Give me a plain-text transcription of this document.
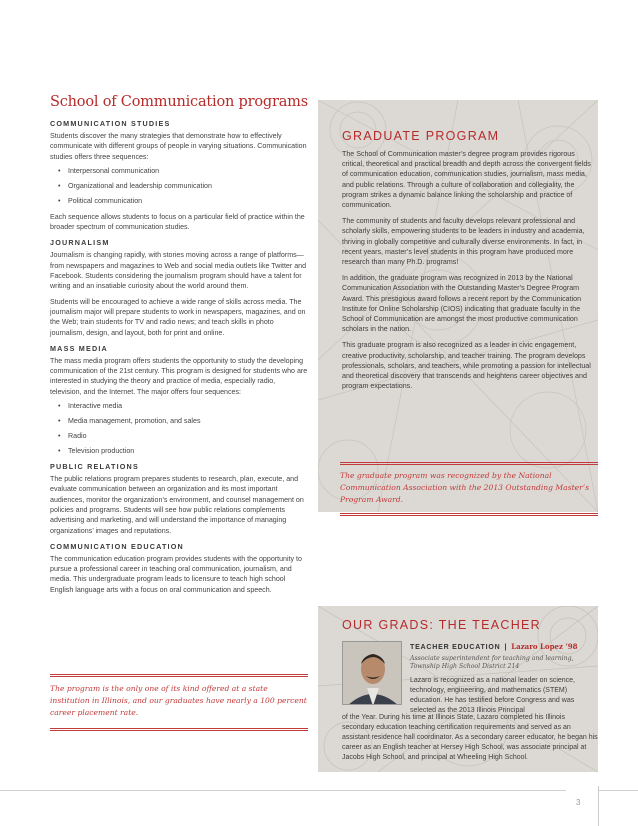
School of Communication programs
COMMUNICATION STUDIES
Students discover the many strategies that demonstrate how to effectively communicate with different groups of people in varying situations. Communication studies offers three sequences:
• Interpersonal communication
• Organizational and leadership communication
• Political communication
Each sequence allows students to focus on a particular field of practice within the broader spectrum of communication studies.
JOURNALISM
Journalism is changing rapidly, with stories moving across a range of platforms—from newspapers and magazines to Web and social media outlets like Twitter and Facebook. Students considering the journalism program should have a talent for writing and an insatiable curiosity about the world around them.
Students will be encouraged to achieve a wide range of skills across media. The journalism major will prepare students to work in newspapers, magazines, and on the Web; train students for TV and radio news; and teach skills in photo journalism, design, and layout, both for print and online.
MASS MEDIA
The mass media program offers students the opportunity to study the developing communication of the 21st century. This program is designed for students who are interested in studying the theory and practice of media, especially radio, television, and the Internet. The major offers four sequences:
• Interactive media
• Media management, promotion, and sales
• Radio
• Television production
PUBLIC RELATIONS
The public relations program prepares students to research, plan, execute, and evaluate communication between an organization and its most important audiences, monitor the organization’s environment, and counsel management on policies and programs. Students will see how public relations complements advertising and marketing, and will understand the importance of managing organizations’ images and reputations.
COMMUNICATION EDUCATION
The communication education program provides students with the opportunity to pursue a professional career in teaching oral communication, journalism, and media. This undergraduate program leads to licensure to teach high school English language arts with a focus on oral communication and speech.
The program is the only one of its kind offered at a state institution in Illinois, and our graduates have nearly a 100 percent career placement rate.
GRADUATE PROGRAM
The School of Communication master’s degree program provides rigorous critical, theoretical and practical breadth and depth across the convergent fields of communication education, communication studies, journalism, mass media, and public relations. Through a culture of collaboration and collegiality, the program strikes a dynamic balance linking the scholarship and practice of communication.
The community of students and faculty develops relevant professional and scholarly skills, empowering students to be leaders in industry and academia, thriving in globally competitive and culturally diverse environments. In fact, in recent years, master’s level students in this program have produced more research than many Ph.D. programs!
In addition, the graduate program was recognized in 2013 by the National Communication Association with the Outstanding Master’s Degree Program Award. This prestigious award follows a recent report by the Communication Institute for Online Scholarship (CIOS) indicating that graduate faculty in the School of Communication are amongst the most productive communication scholars in the nation.
This graduate program is also recognized as a leader in civic engagement, creative productivity, scholarship, and teacher training. The program develops professionals, scholars, and teachers, while promoting a passion for intellectual and theoretical discovery that transcends and heightens career objectives and program expectations.
The graduate program was recognized by the National Communication Association with the 2013 Outstanding Master’s Program Award.
OUR GRADS: THE TEACHER
TEACHER EDUCATION | Lazaro Lopez ’98
Associate superintendent for teaching and learning, Township High School District 214
Lazaro is recognized as a national leader on science, technology, engineering, and mathematics (STEM) education. He has testified before Congress and was selected as the 2013 Illinois Principal
of the Year. During his time at Illinois State, Lazaro completed his Illinois secondary education teaching certification requirements and served as an assistant residence hall coordinator. As a secondary career educator, he began his career as an English teacher at Hersey High School, was associate principal at Jacobs High School, and principal at Wheeling High School.
3
